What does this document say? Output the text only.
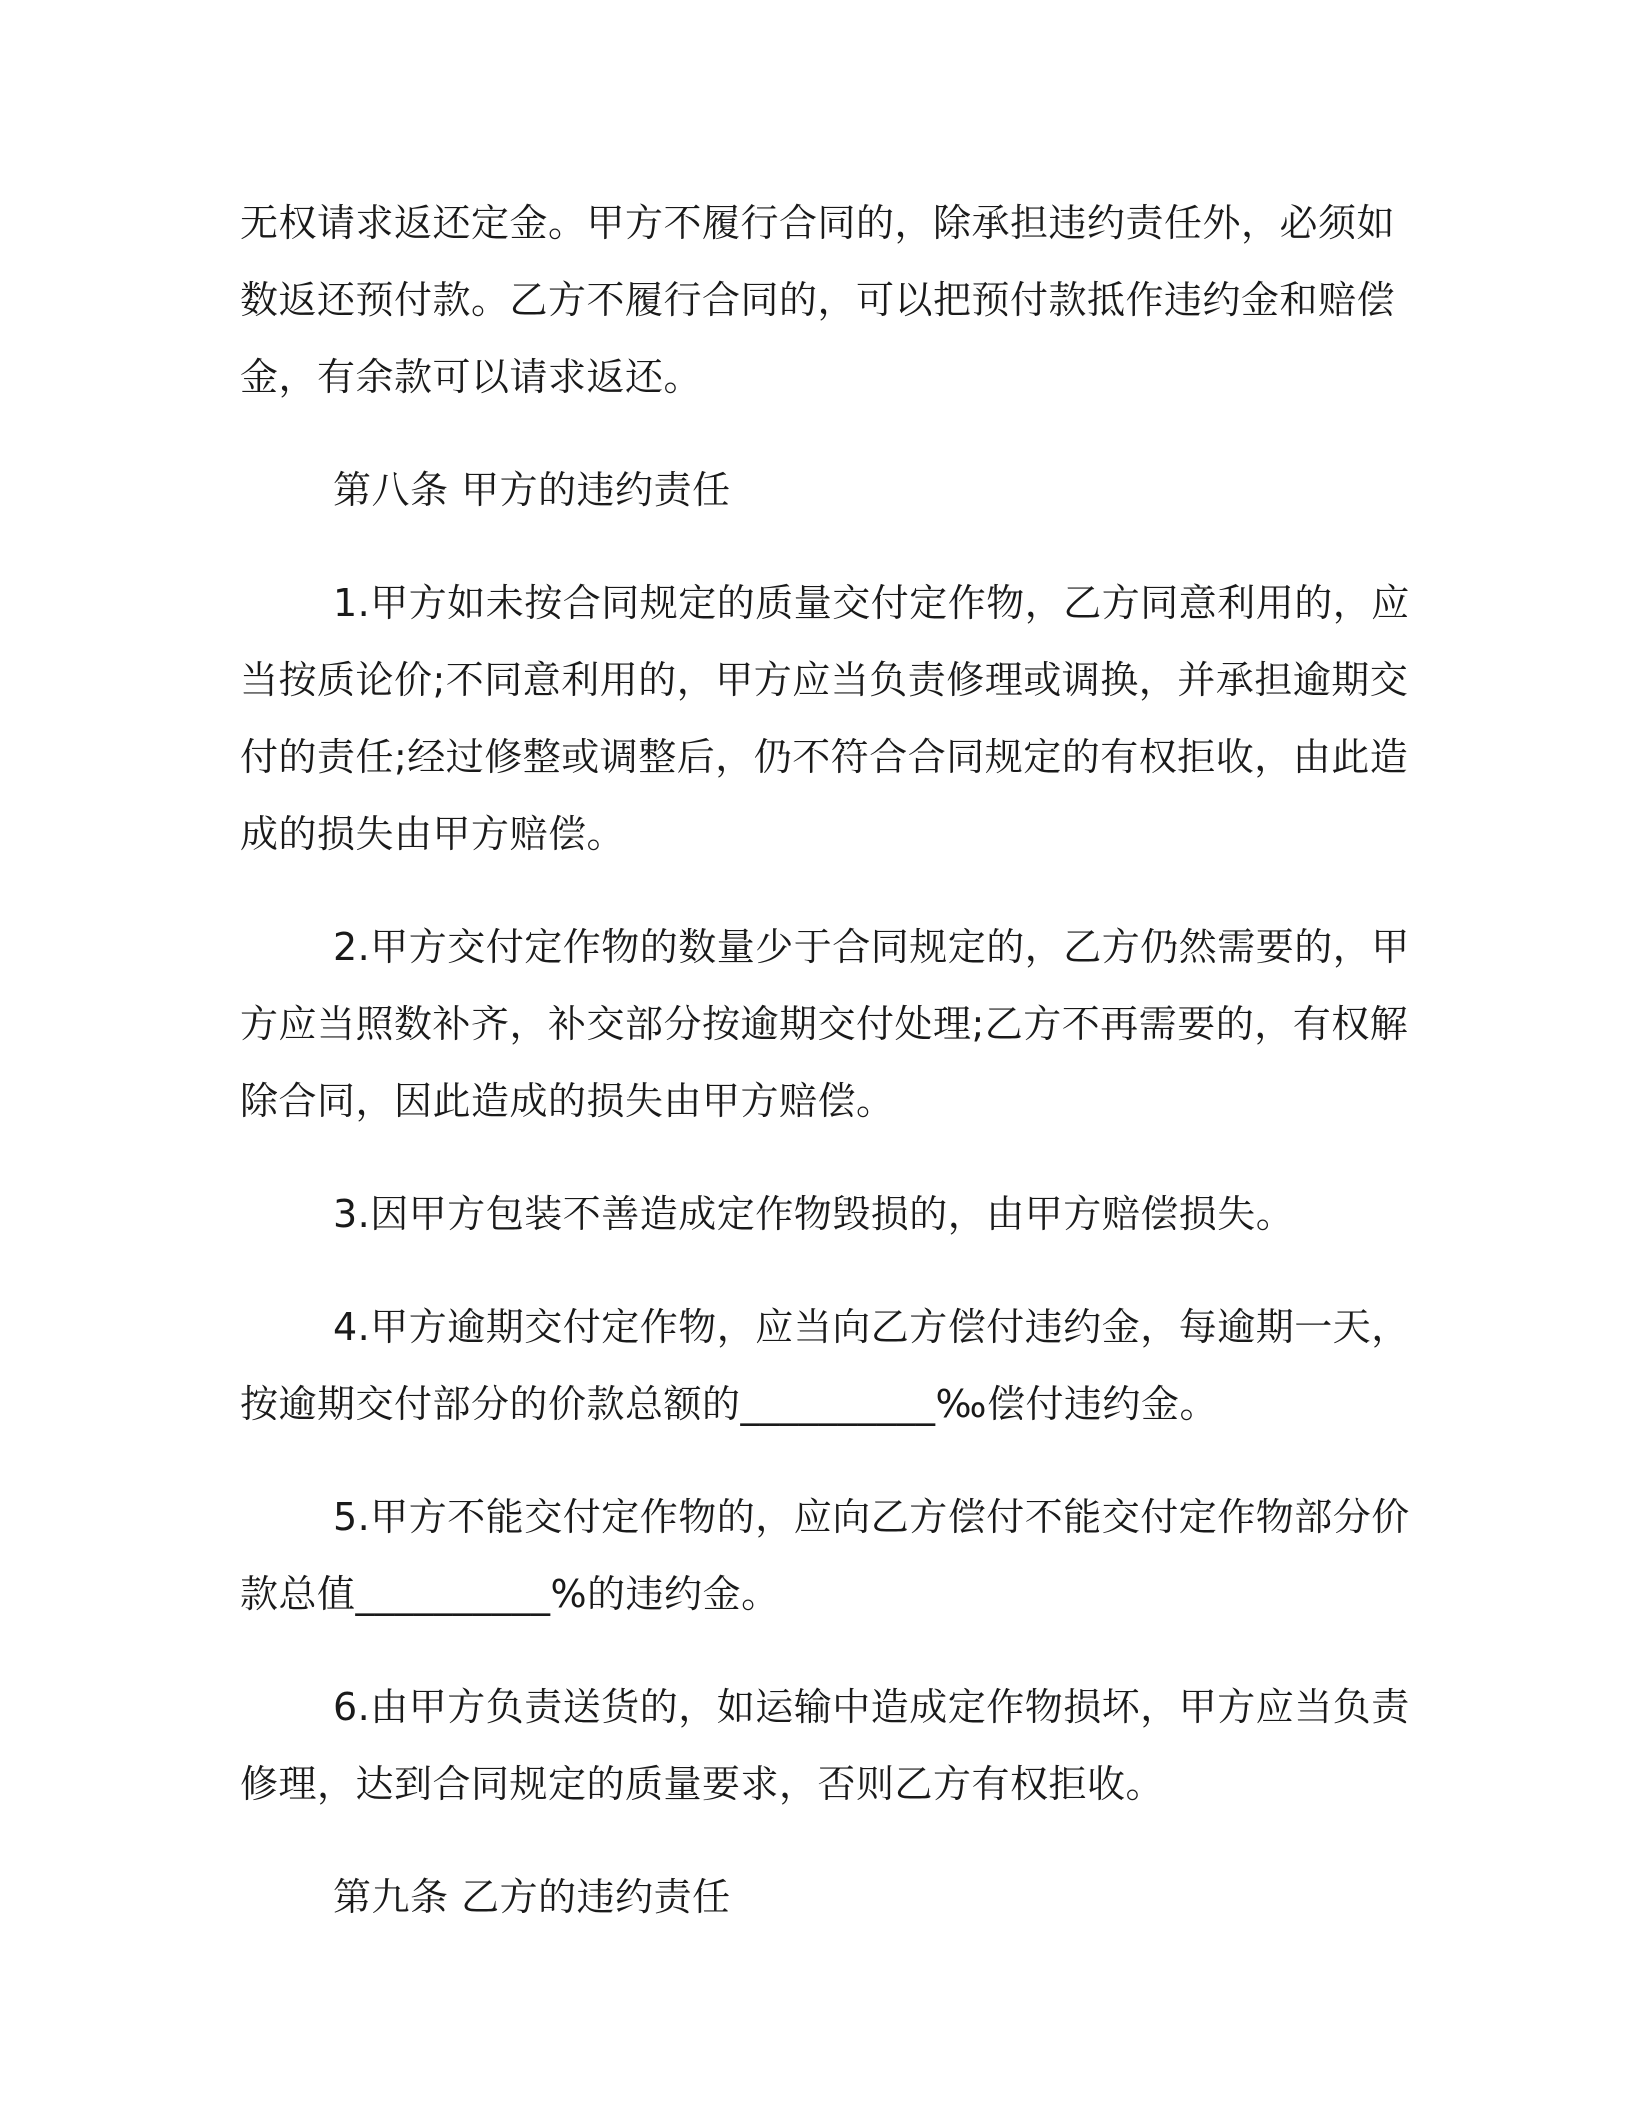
无权请求返还定金。甲方不履行合同的，除承担违约责任外，必须如
数返还预付款。乙方不履行合同的，可以把预付款抵作违约金和赔偿
金，有余款可以请求返还。
第八条 甲方的违约责任
1.甲方如未按合同规定的质量交付定作物，乙方同意利用的，应
当按质论价;不同意利用的，甲方应当负责修理或调换，并承担逾期交
付的责任;经过修整或调整后，仍不符合合同规定的有权拒收，由此造
成的损失由甲方赔偿。
2.甲方交付定作物的数量少于合同规定的，乙方仍然需要的，甲
方应当照数补齐，补交部分按逾期交付处理;乙方不再需要的，有权解
除合同，因此造成的损失由甲方赔偿。
3.因甲方包装不善造成定作物毁损的，由甲方赔偿损失。
4.甲方逾期交付定作物，应当向乙方偿付违约金，每逾期一天，
按逾期交付部分的价款总额的__________‰偿付违约金。
5.甲方不能交付定作物的，应向乙方偿付不能交付定作物部分价
款总值__________%的违约金。
6.由甲方负责送货的，如运输中造成定作物损坏，甲方应当负责
修理，达到合同规定的质量要求，否则乙方有权拒收。
第九条 乙方的违约责任
